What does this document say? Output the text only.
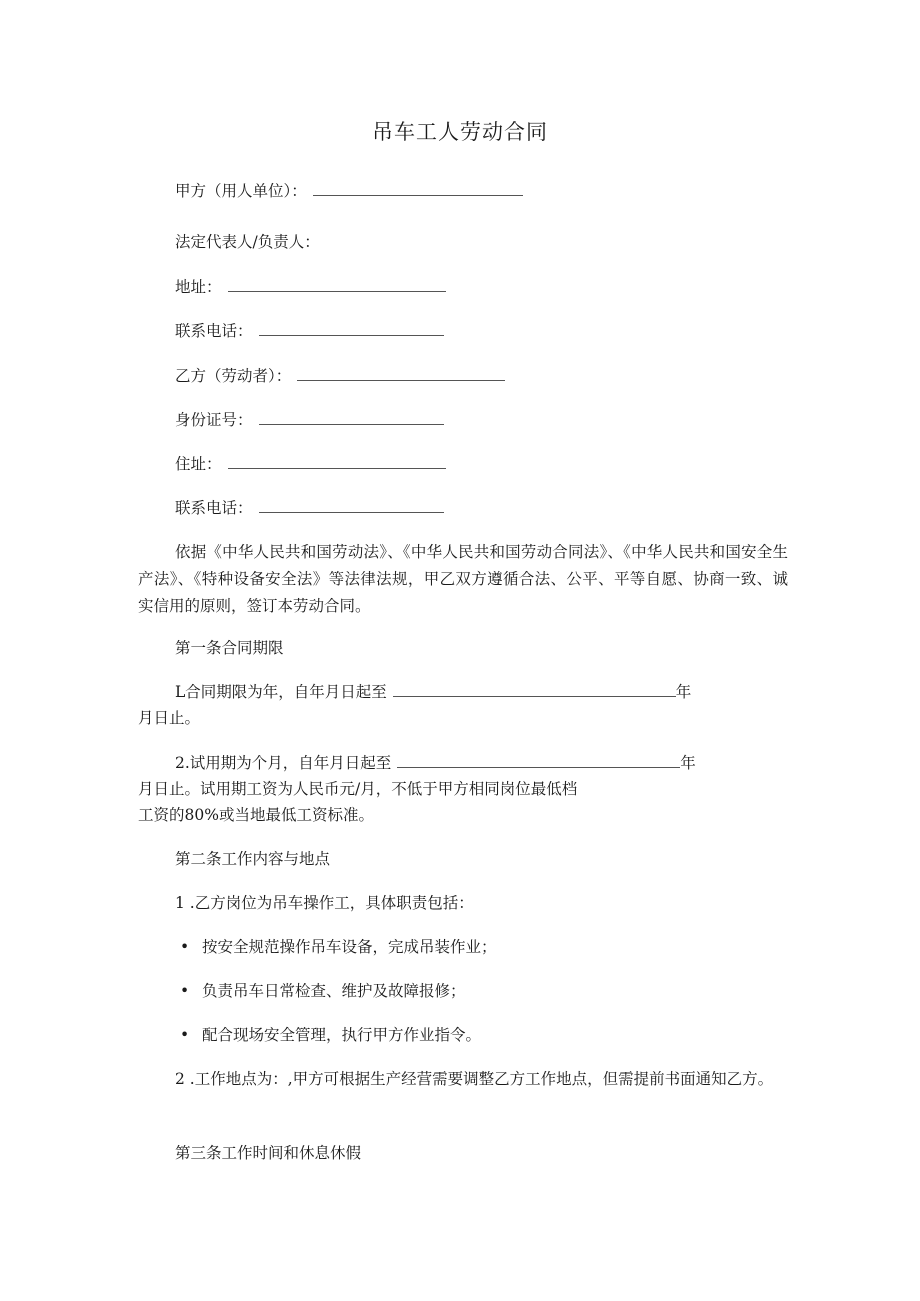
吊车工人劳动合同
甲方（用人单位）：
法定代表人/负责人：
地址：
联系电话：
乙方（劳动者）：
身份证号：
住址：
联系电话：
依据《中华人民共和国劳动法》、《中华人民共和国劳动合同法》、《中华人民共和国安全生产法》、《特种设备安全法》等法律法规，甲乙双方遵循合法、公平、平等自愿、协商一致、诚实信用的原则，签订本劳动合同。
第一条合同期限
L合同期限为年，自年月日起至	年
月日止。
2.试用期为个月，自年月日起至	年
月日止。试用期工资为人民币元/月，不低于甲方相同岗位最低档
工资的80%或当地最低工资标准。
第二条工作内容与地点
1 .乙方岗位为吊车操作工，具体职责包括：
• 按安全规范操作吊车设备，完成吊装作业；
• 负责吊车日常检查、维护及故障报修；
• 配合现场安全管理，执行甲方作业指令。
2 .工作地点为：,甲方可根据生产经营需要调整乙方工作地点，但需提前书面通知乙方。
第三条工作时间和休息休假
